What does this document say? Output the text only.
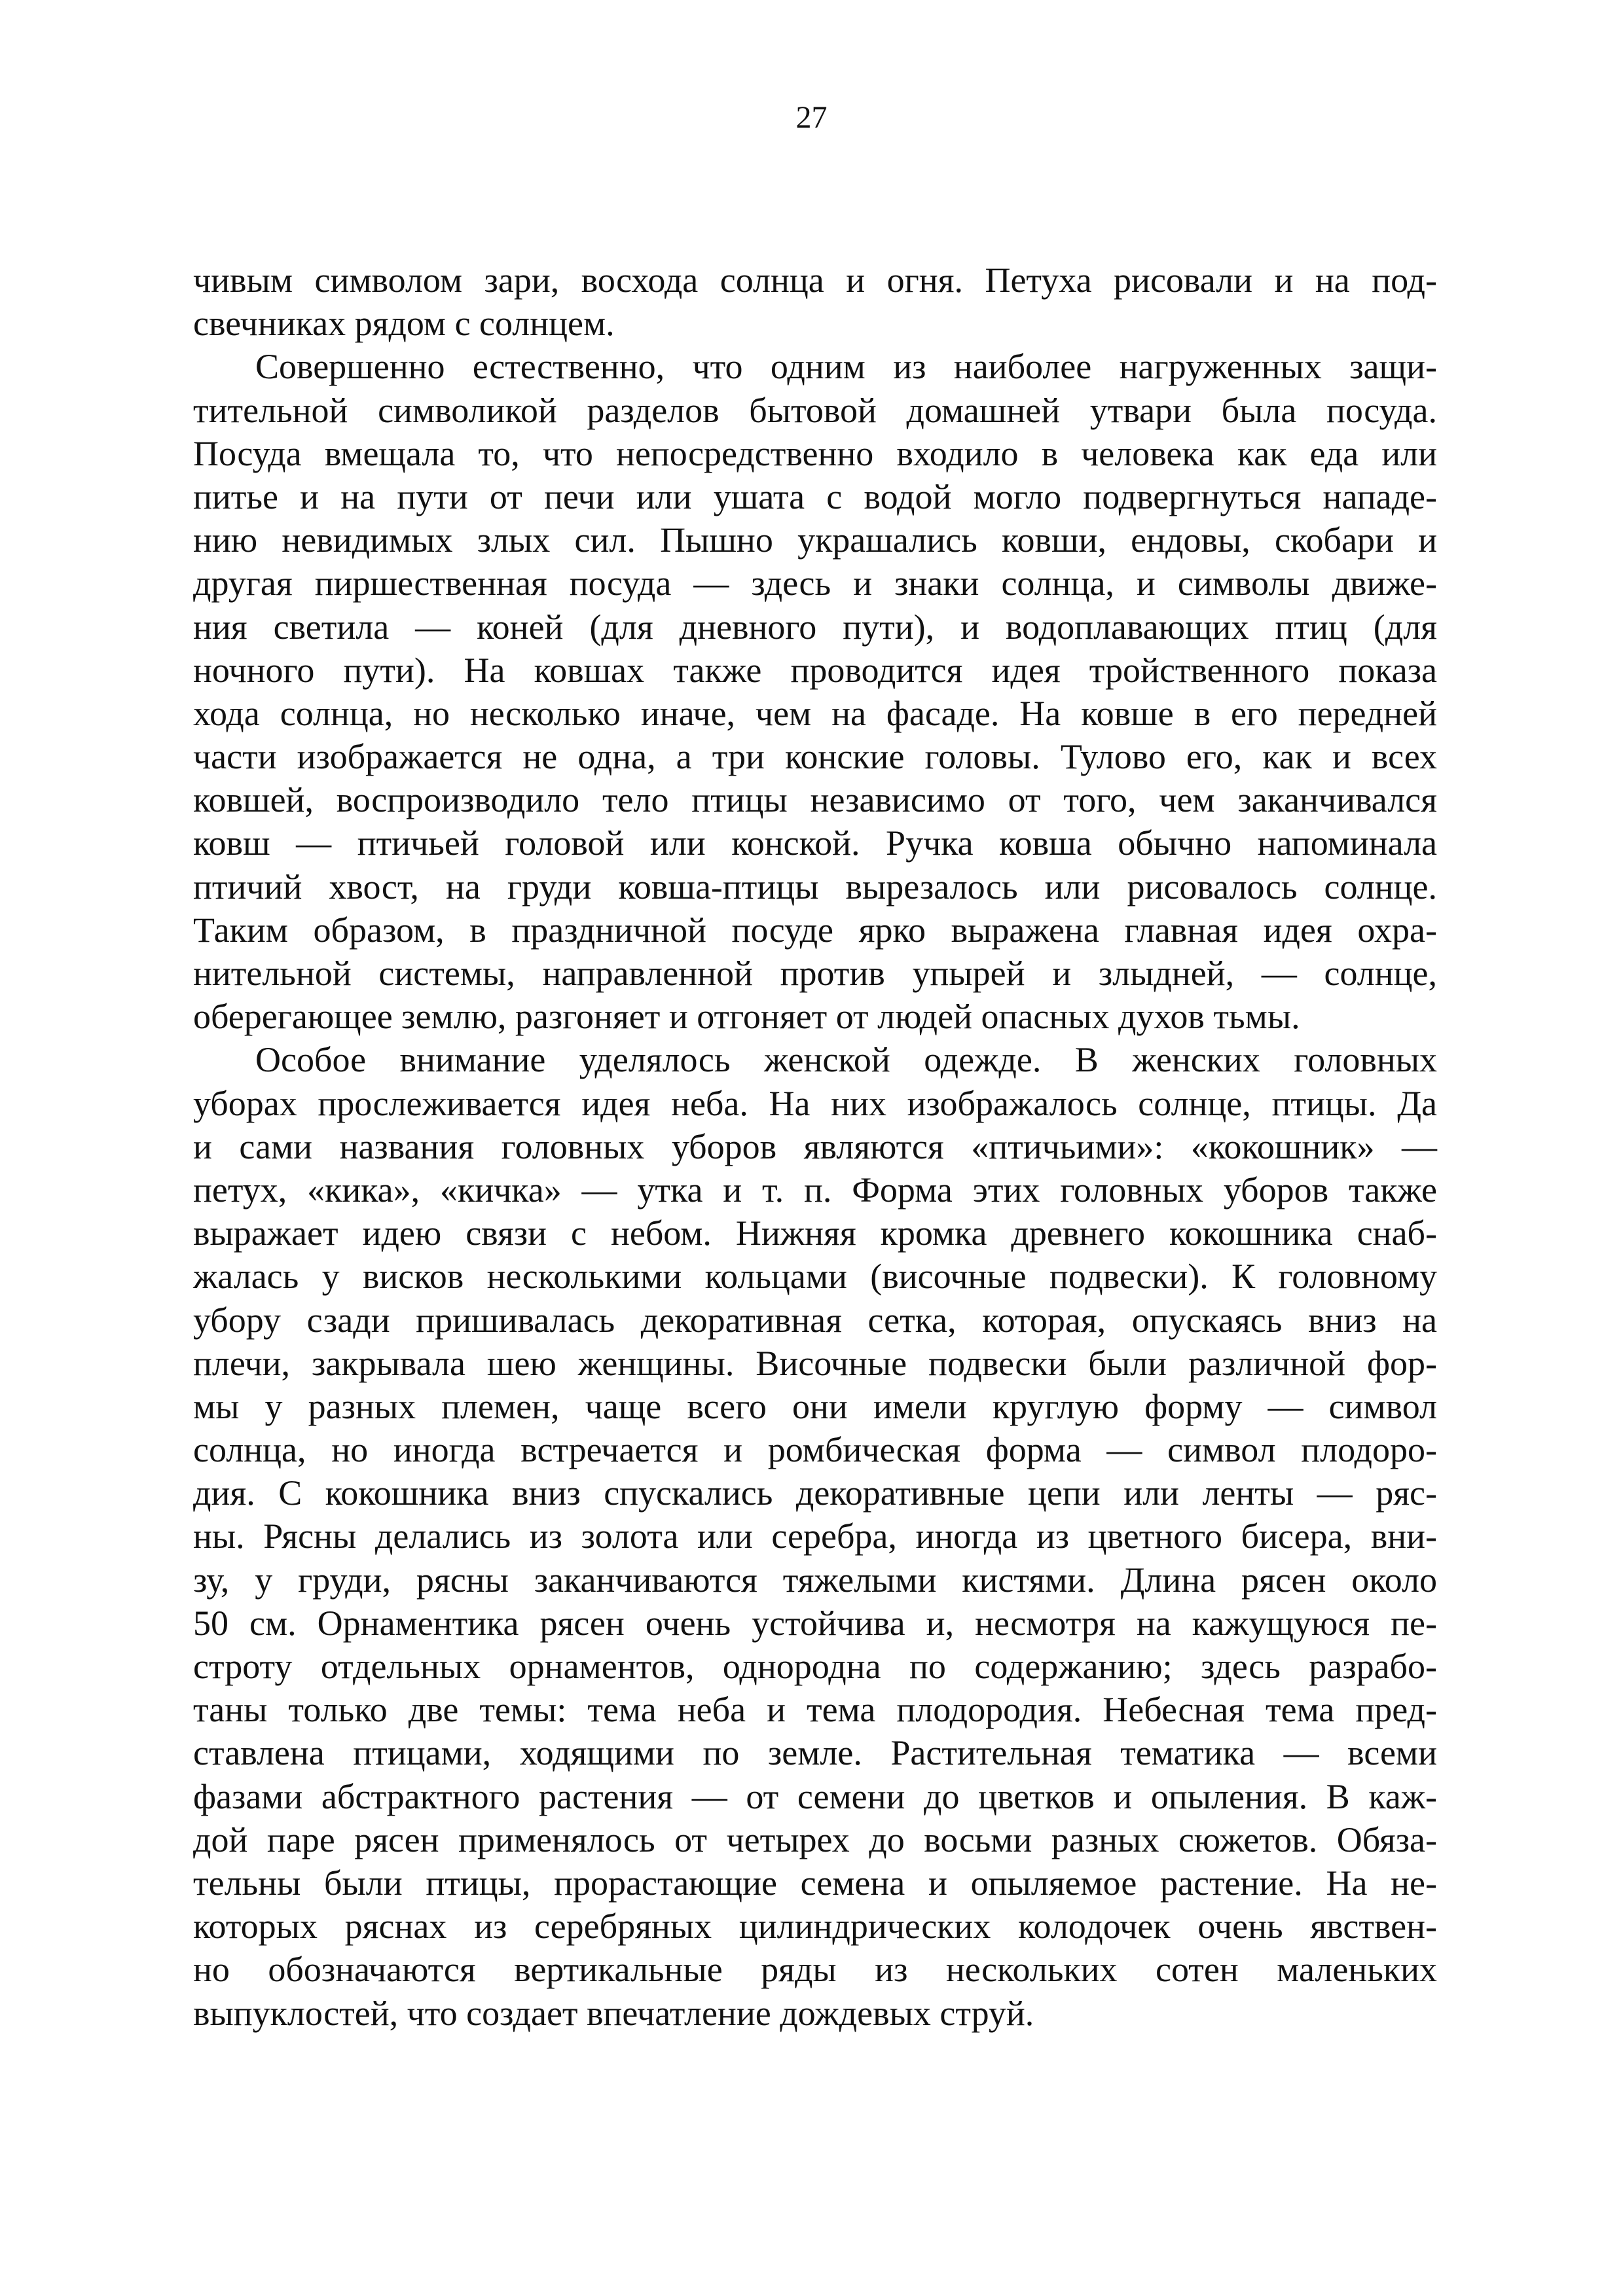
27
чивым символом зари, восхода солнца и огня. Петуха рисовали и на под-
свечниках рядом с солнцем.
Совершенно естественно, что одним из наиболее нагруженных защи-
тительной символикой разделов бытовой домашней утвари была посуда.
Посуда вмещала то, что непосредственно входило в человека как еда или
питье и на пути от печи или ушата с водой могло подвергнуться нападе-
нию невидимых злых сил. Пышно украшались ковши, ендовы, скобари и
другая пиршественная посуда — здесь и знаки солнца, и символы движе-
ния светила — коней (для дневного пути), и водоплавающих птиц (для
ночного пути). На ковшах также проводится идея тройственного показа
хода солнца, но несколько иначе, чем на фасаде. На ковше в его передней
части изображается не одна, а три конские головы. Тулово его, как и всех
ковшей, воспроизводило тело птицы независимо от того, чем заканчивался
ковш — птичьей головой или конской. Ручка ковша обычно напоминала
птичий хвост, на груди ковша-птицы вырезалось или рисовалось солнце.
Таким образом, в праздничной посуде ярко выражена главная идея охра-
нительной системы, направленной против упырей и злыдней, — солнце,
оберегающее землю, разгоняет и отгоняет от людей опасных духов тьмы.
Особое внимание уделялось женской одежде. В женских головных
уборах прослеживается идея неба. На них изображалось солнце, птицы. Да
и сами названия головных уборов являются «птичьими»: «кокошник» —
петух, «кика», «кичка» — утка и т. п. Форма этих головных уборов также
выражает идею связи с небом. Нижняя кромка древнего кокошника снаб-
жалась у висков несколькими кольцами (височные подвески). К головному
убору сзади пришивалась декоративная сетка, которая, опускаясь вниз на
плечи, закрывала шею женщины. Височные подвески были различной фор-
мы у разных племен, чаще всего они имели круглую форму — символ
солнца, но иногда встречается и ромбическая форма — символ плодоро-
дия. С кокошника вниз спускались декоративные цепи или ленты — ряс-
ны. Рясны делались из золота или серебра, иногда из цветного бисера, вни-
зу, у груди, рясны заканчиваются тяжелыми кистями. Длина рясен около
50 см. Орнаментика рясен очень устойчива и, несмотря на кажущуюся пе-
строту отдельных орнаментов, однородна по содержанию; здесь разрабо-
таны только две темы: тема неба и тема плодородия. Небесная тема пред-
ставлена птицами, ходящими по земле. Растительная тематика — всеми
фазами абстрактного растения — от семени до цветков и опыления. В каж-
дой паре рясен применялось от четырех до восьми разных сюжетов. Обяза-
тельны были птицы, прорастающие семена и опыляемое растение. На не-
которых ряснах из серебряных цилиндрических колодочек очень явствен-
но обозначаются вертикальные ряды из нескольких сотен маленьких
выпуклостей, что создает впечатление дождевых струй.
